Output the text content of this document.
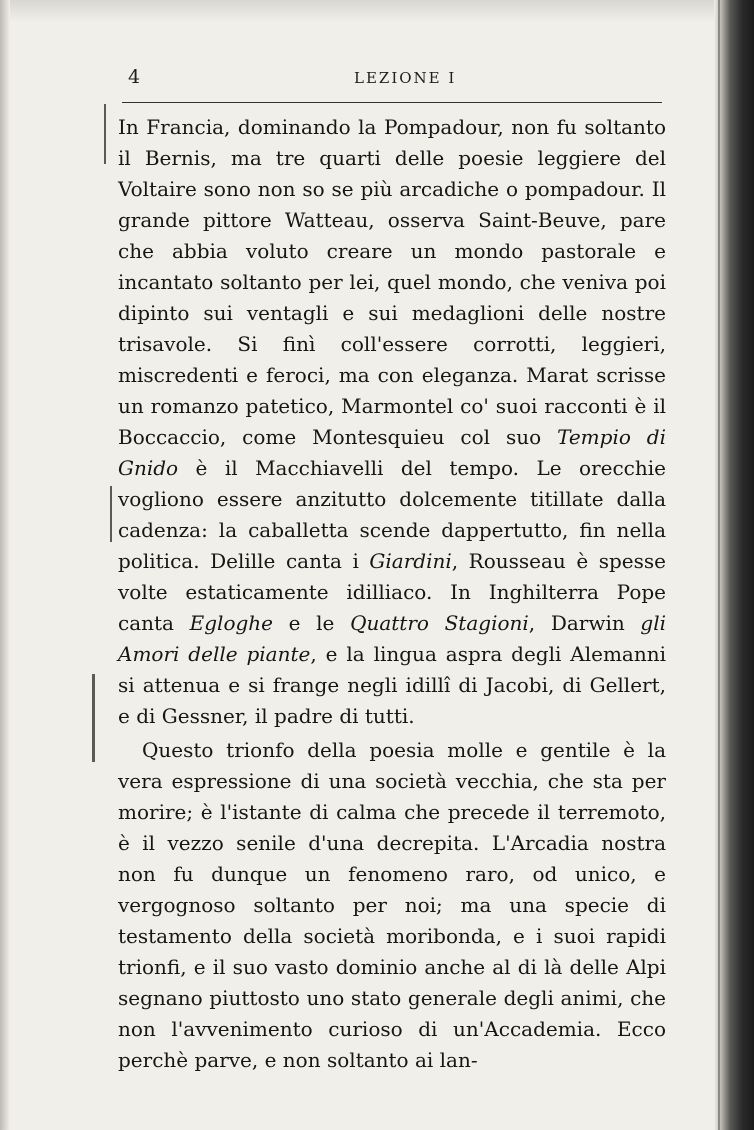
4	LEZIONE I

In Francia, dominando la Pompadour, non fu soltanto il Bernis, ma tre quarti delle poesie leggiere del Voltaire sono non so se più arcadiche o pompadour. Il grande pittore Watteau, osserva Saint-Beuve, pare che abbia voluto creare un mondo pastorale e incantato soltanto per lei, quel mondo, che veniva poi dipinto sui ventagli e sui medaglioni delle nostre trisavole. Si finì coll'essere corrotti, leggieri, miscredenti e feroci, ma con eleganza. Marat scrisse un romanzo patetico, Marmontel co' suoi racconti è il Boccaccio, come Montesquieu col suo Tempio di Gnido è il Macchiavelli del tempo. Le orecchie vogliono essere anzitutto dolcemente titillate dalla cadenza: la caballetta scende dappertutto, fin nella politica. Delille canta i Giardini, Rousseau è spesse volte estaticamente idilliaco. In Inghilterra Pope canta Egloghe e le Quattro Stagioni, Darwin gli Amori delle piante, e la lingua aspra degli Alemanni si attenua e si frange negli idillî di Jacobi, di Gellert, e di Gessner, il padre di tutti.

Questo trionfo della poesia molle e gentile è la vera espressione di una società vecchia, che sta per morire; è l'istante di calma che precede il terremoto, è il vezzo senile d'una decrepita. L'Arcadia nostra non fu dunque un fenomeno raro, od unico, e vergognoso soltanto per noi; ma una specie di testamento della società moribonda, e i suoi rapidi trionfi, e il suo vasto dominio anche al di là delle Alpi segnano piuttosto uno stato generale degli animi, che non l'avvenimento curioso di un'Accademia. Ecco perchè parve, e non soltanto ai lan-
